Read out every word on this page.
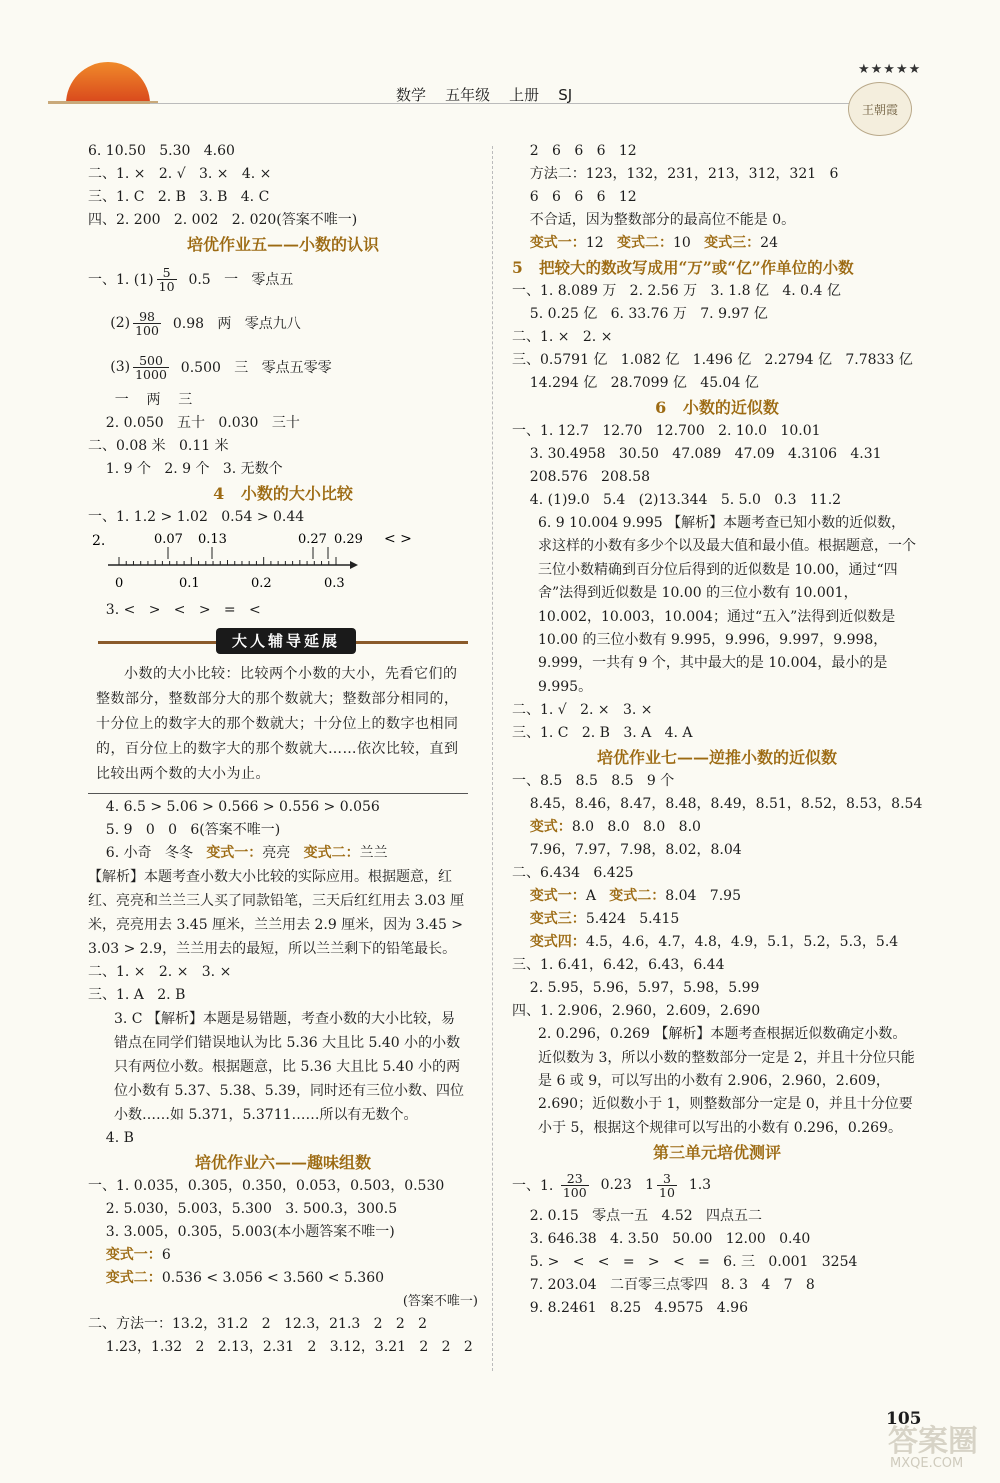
数学    五年级    上册    SJ
★★★★★
王朝霞
6. 10.50   5.30   4.60
二、1. ×   2. √   3. ×   4. ×
三、1. C   2. B   3. B   4. C
四、2. 200   2. 002   2. 020(答案不唯一)
培优作业五——小数的认识
一、1. $(1) \frac{5}{10} 0.5$   一   零点五
$(2) \frac{98}{100} 0.98$   两   零点九八
$(3) \frac{500}{1000} 0.500$   三   零点五零零
一    两    三
2. 0.050   五十   0.030   三十
二、0.08 米   0.11 米
1. 9 个   2. 9 个   3. 无数个
4   小数的大小比较
一、1. 1.2 > 1.02   0.54 > 0.44
2.	0.07 0.13	0.27 0.29 < >
0	0.1	0.2	0.3
3. <   >   <   >   =   <
大人辅导延展
小数的大小比较：比较两个小数的大小，先看它们的整数部分，整数部分大的那个数就大；整数部分相同的，十分位上的数字大的那个数就大；十分位上的数字也相同的，百分位上的数字大的那个数就大……依次比较，直到比较出两个数的大小为止。
4. 6.5 > 5.06 > 0.566 > 0.556 > 0.056
5. 9   0   0   6(答案不唯一)
6. 小奇   冬冬   变式一：亮亮   变式二：兰兰
【解析】本题考查小数大小比较的实际应用。根据题意，红红、亮亮和兰兰三人买了同款铅笔，三天后红红用去 3.03 厘米，亮亮用去 3.45 厘米，兰兰用去 2.9 厘米，因为 3.45 > 3.03 > 2.9，兰兰用去的最短，所以兰兰剩下的铅笔最长。
二、1. ×   2. ×   3. ×
三、1. A   2. B
3. C 【解析】本题是易错题，考查小数的大小比较，易错点在同学们错误地认为比 5.36 大且比 5.40 小的小数只有两位小数。根据题意，比 5.36 大且比 5.40 小的两位小数有 5.37、5.38、5.39，同时还有三位小数、四位小数……如 5.371，5.3711……所以有无数个。
4. B
培优作业六——趣味组数
一、1. 0.035，0.305，0.350，0.053，0.503，0.530
2. 5.030，5.003，5.300   3. 500.3，300.5
3. 3.005，0.305，5.003(本小题答案不唯一)
变式一：6
变式二：0.536 < 3.056 < 3.560 < 5.360
(答案不唯一)
二、方法一：13.2，31.2   2   12.3，21.3   2   2   2
1.23，1.32   2   2.13，2.31   2   3.12，3.21   2   2   2
2   6   6   6   12
方法二：123，132，231，213，312，321   6
6   6   6   6   12
不合适，因为整数部分的最高位不能是 0。
变式一：12   变式二：10   变式三：24
5   把较大的数改写成用“万”或“亿”作单位的小数
一、1. 8.089 万   2. 2.56 万   3. 1.8 亿   4. 0.4 亿
5. 0.25 亿   6. 33.76 万   7. 9.97 亿
二、1. ×   2. ×
三、0.5791 亿   1.082 亿   1.496 亿   2.2794 亿   7.7833 亿
14.294 亿   28.7099 亿   45.04 亿
6   小数的近似数
一、1. 12.7   12.70   12.700   2. 10.0   10.01
3. 30.4958   30.50   47.089   47.09   4.3106   4.31
208.576   208.58
4. (1)9.0   5.4   (2)13.344   5. 5.0   0.3   11.2
6. 9 10.004 9.995 【解析】本题考查已知小数的近似数，求这样的小数有多少个以及最大值和最小值。根据题意，一个三位小数精确到百分位后得到的近似数是 10.00，通过“四舍”法得到近似数是 10.00 的三位小数有 10.001，10.002，10.003，10.004；通过“五入”法得到近似数是 10.00 的三位小数有 9.995，9.996，9.997，9.998，9.999，一共有 9 个，其中最大的是 10.004，最小的是 9.995。
二、1. √   2. ×   3. ×
三、1. C   2. B   3. A   4. A
培优作业七——逆推小数的近似数
一、8.5   8.5   8.5   9 个
8.45，8.46，8.47，8.48，8.49，8.51，8.52，8.53，8.54
变式：8.0   8.0   8.0   8.0
7.96，7.97，7.98，8.02，8.04
二、6.434   6.425
变式一：A   变式二：8.04   7.95
变式三：5.424   5.415
变式四：4.5，4.6，4.7，4.8，4.9，5.1，5.2，5.3，5.4
三、1. 6.41，6.42，6.43，6.44
2. 5.95，5.96，5.97，5.98，5.99
四、1. 2.906，2.960，2.609，2.690
2. 0.296，0.269 【解析】本题考查根据近似数确定小数。近似数为 3，所以小数的整数部分一定是 2，并且十分位只能是 6 或 9，可以写出的小数有 2.906，2.960，2.609，2.690；近似数小于 1，则整数部分一定是 0，并且十分位要小于 5，根据这个规律可以写出的小数有 0.296，0.269。
第三单元培优测评
一、1. $\frac{23}{100} 0.23$   $1 \frac{3}{10} 1.3$
2. 0.15   零点一五   4.52   四点五二
3. 646.38   4. 3.50   50.00   12.00   0.40
5. >   <   <   =   >   <   =   6. 三   0.001   3254
7. 203.04   二百零三点零四   8. 3   4   7   8
9. 8.2461   8.25   4.9575   4.96
105
答案圈
MXQE.COM
